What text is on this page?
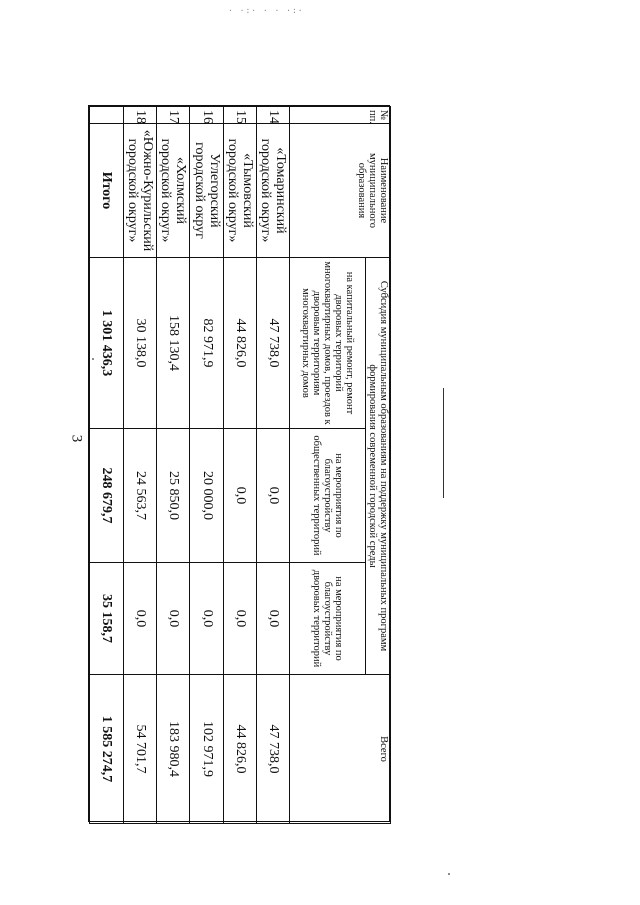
· ·:· · · ·:·
3
№ пп.	Наименование муниципального образования	Субсидия муниципальным образованиям на поддержку муниципальных программ формирования современной городской среды			Всего
		на капитальный ремонт, ремонт дворовых территорий многоквартирных домов, проездов к дворовым территориям многоквартирных домов	на мероприятия по благоустройству общественных территорий	на мероприятия по благоустройству дворовых территорий	
14	«Томаринский городской округ»	47 738,0	0,0	0,0	47 738,0
15	«Тымовский городской округ»	44 826,0	0,0	0,0	44 826,0
16	Углегорский городской округ	82 971,9	20 000,0	0,0	102 971,9
17	«Холмский городской округ»	158 130,4	25 850,0	0,0	183 980,4
18	«Южно-Курильский городской округ»	30 138,0	24 563,7	0,0	54 701,7
	Итого	1 301 436,3	248 679,7	35 158,7	1 585 274,7
